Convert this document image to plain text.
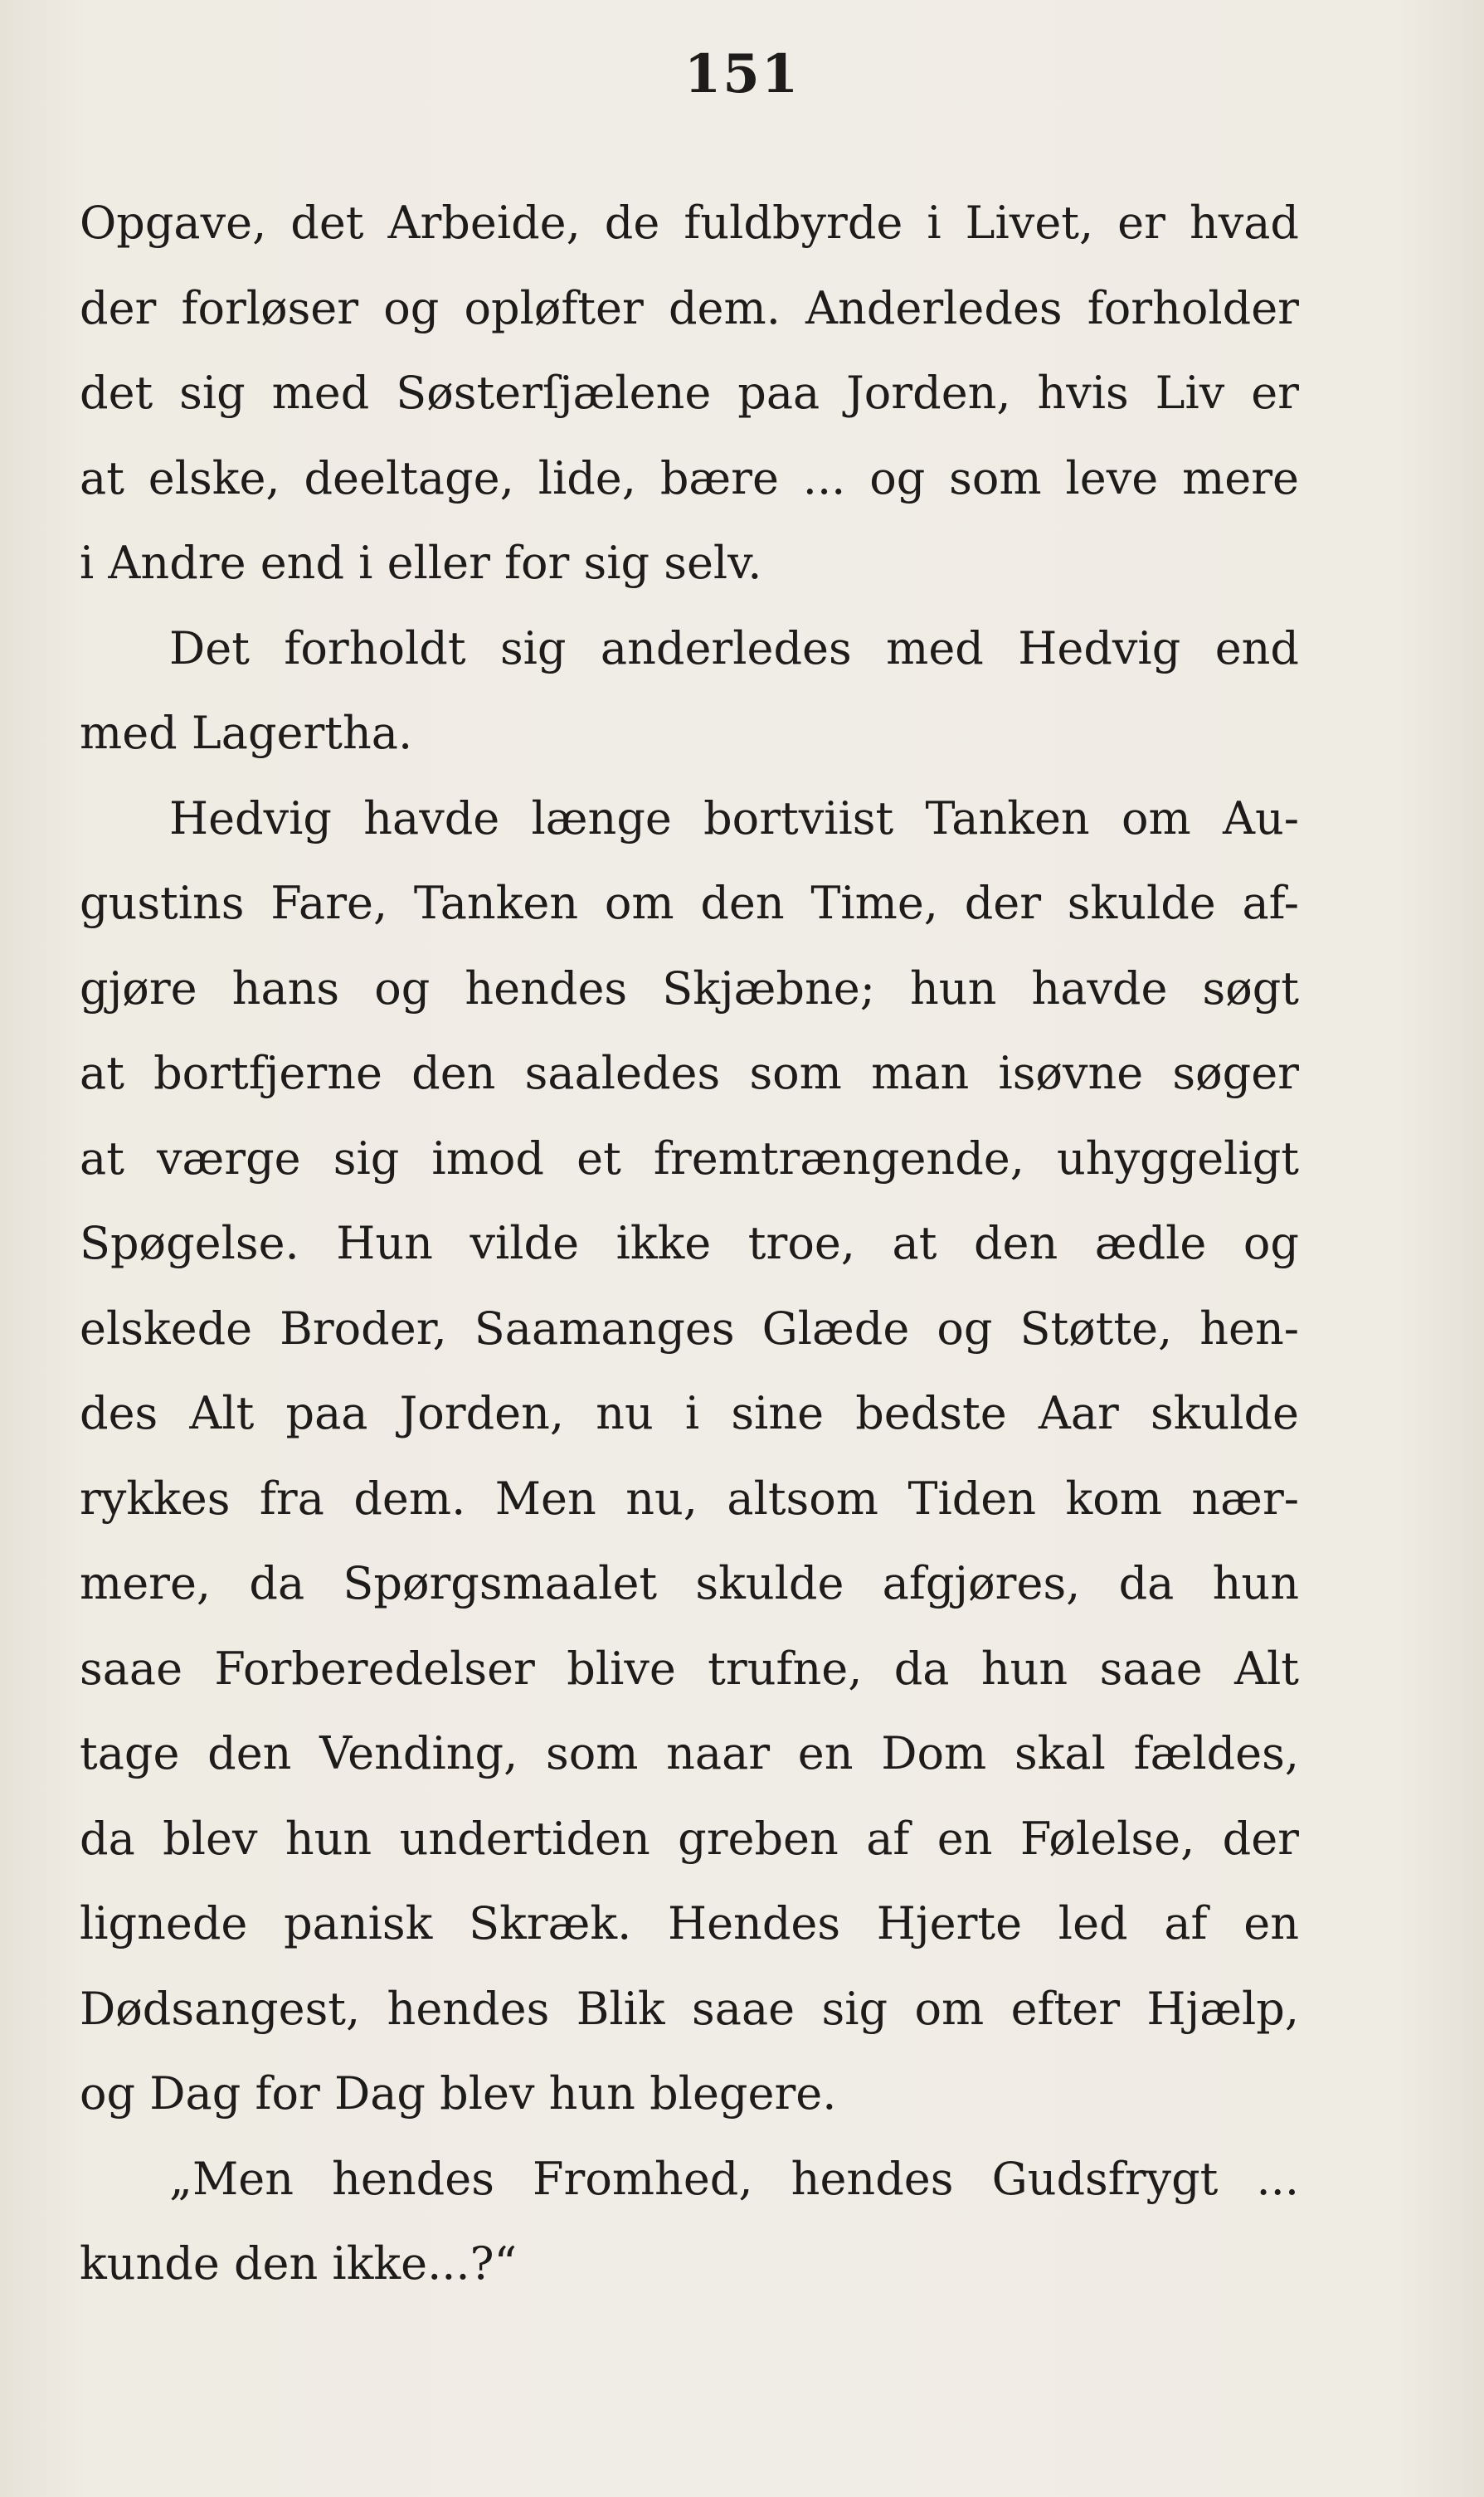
151
Opgave, det Arbeide, de fuldbyrde i Livet, er hvad
der forløser og opløfter dem. Anderledes forholder
det sig med Søsterſjælene paa Jorden, hvis Liv er
at elske, deeltage, lide, bære ... og som leve mere
i Andre end i eller for sig selv.
Det forholdt sig anderledes med Hedvig end
med Lagertha.
Hedvig havde længe bortviist Tanken om Au-
gustins Fare, Tanken om den Time, der skulde af-
gjøre hans og hendes Skjæbne; hun havde søgt
at bortfjerne den saaledes som man isøvne søger
at værge sig imod et fremtrængende, uhyggeligt
Spøgelse. Hun vilde ikke troe, at den ædle og
elskede Broder, Saamanges Glæde og Støtte, hen-
des Alt paa Jorden, nu i sine bedste Aar skulde
rykkes fra dem. Men nu, altsom Tiden kom nær-
mere, da Spørgsmaalet skulde afgjøres, da hun
saae Forberedelser blive trufne, da hun saae Alt
tage den Vending, som naar en Dom skal fældes,
da blev hun undertiden greben af en Følelse, der
lignede panisk Skræk. Hendes Hjerte led af en
Dødsangest, hendes Blik saae sig om efter Hjælp,
og Dag for Dag blev hun blegere.
„Men hendes Fromhed, hendes Gudsfrygt ...
kunde den ikke...?“
